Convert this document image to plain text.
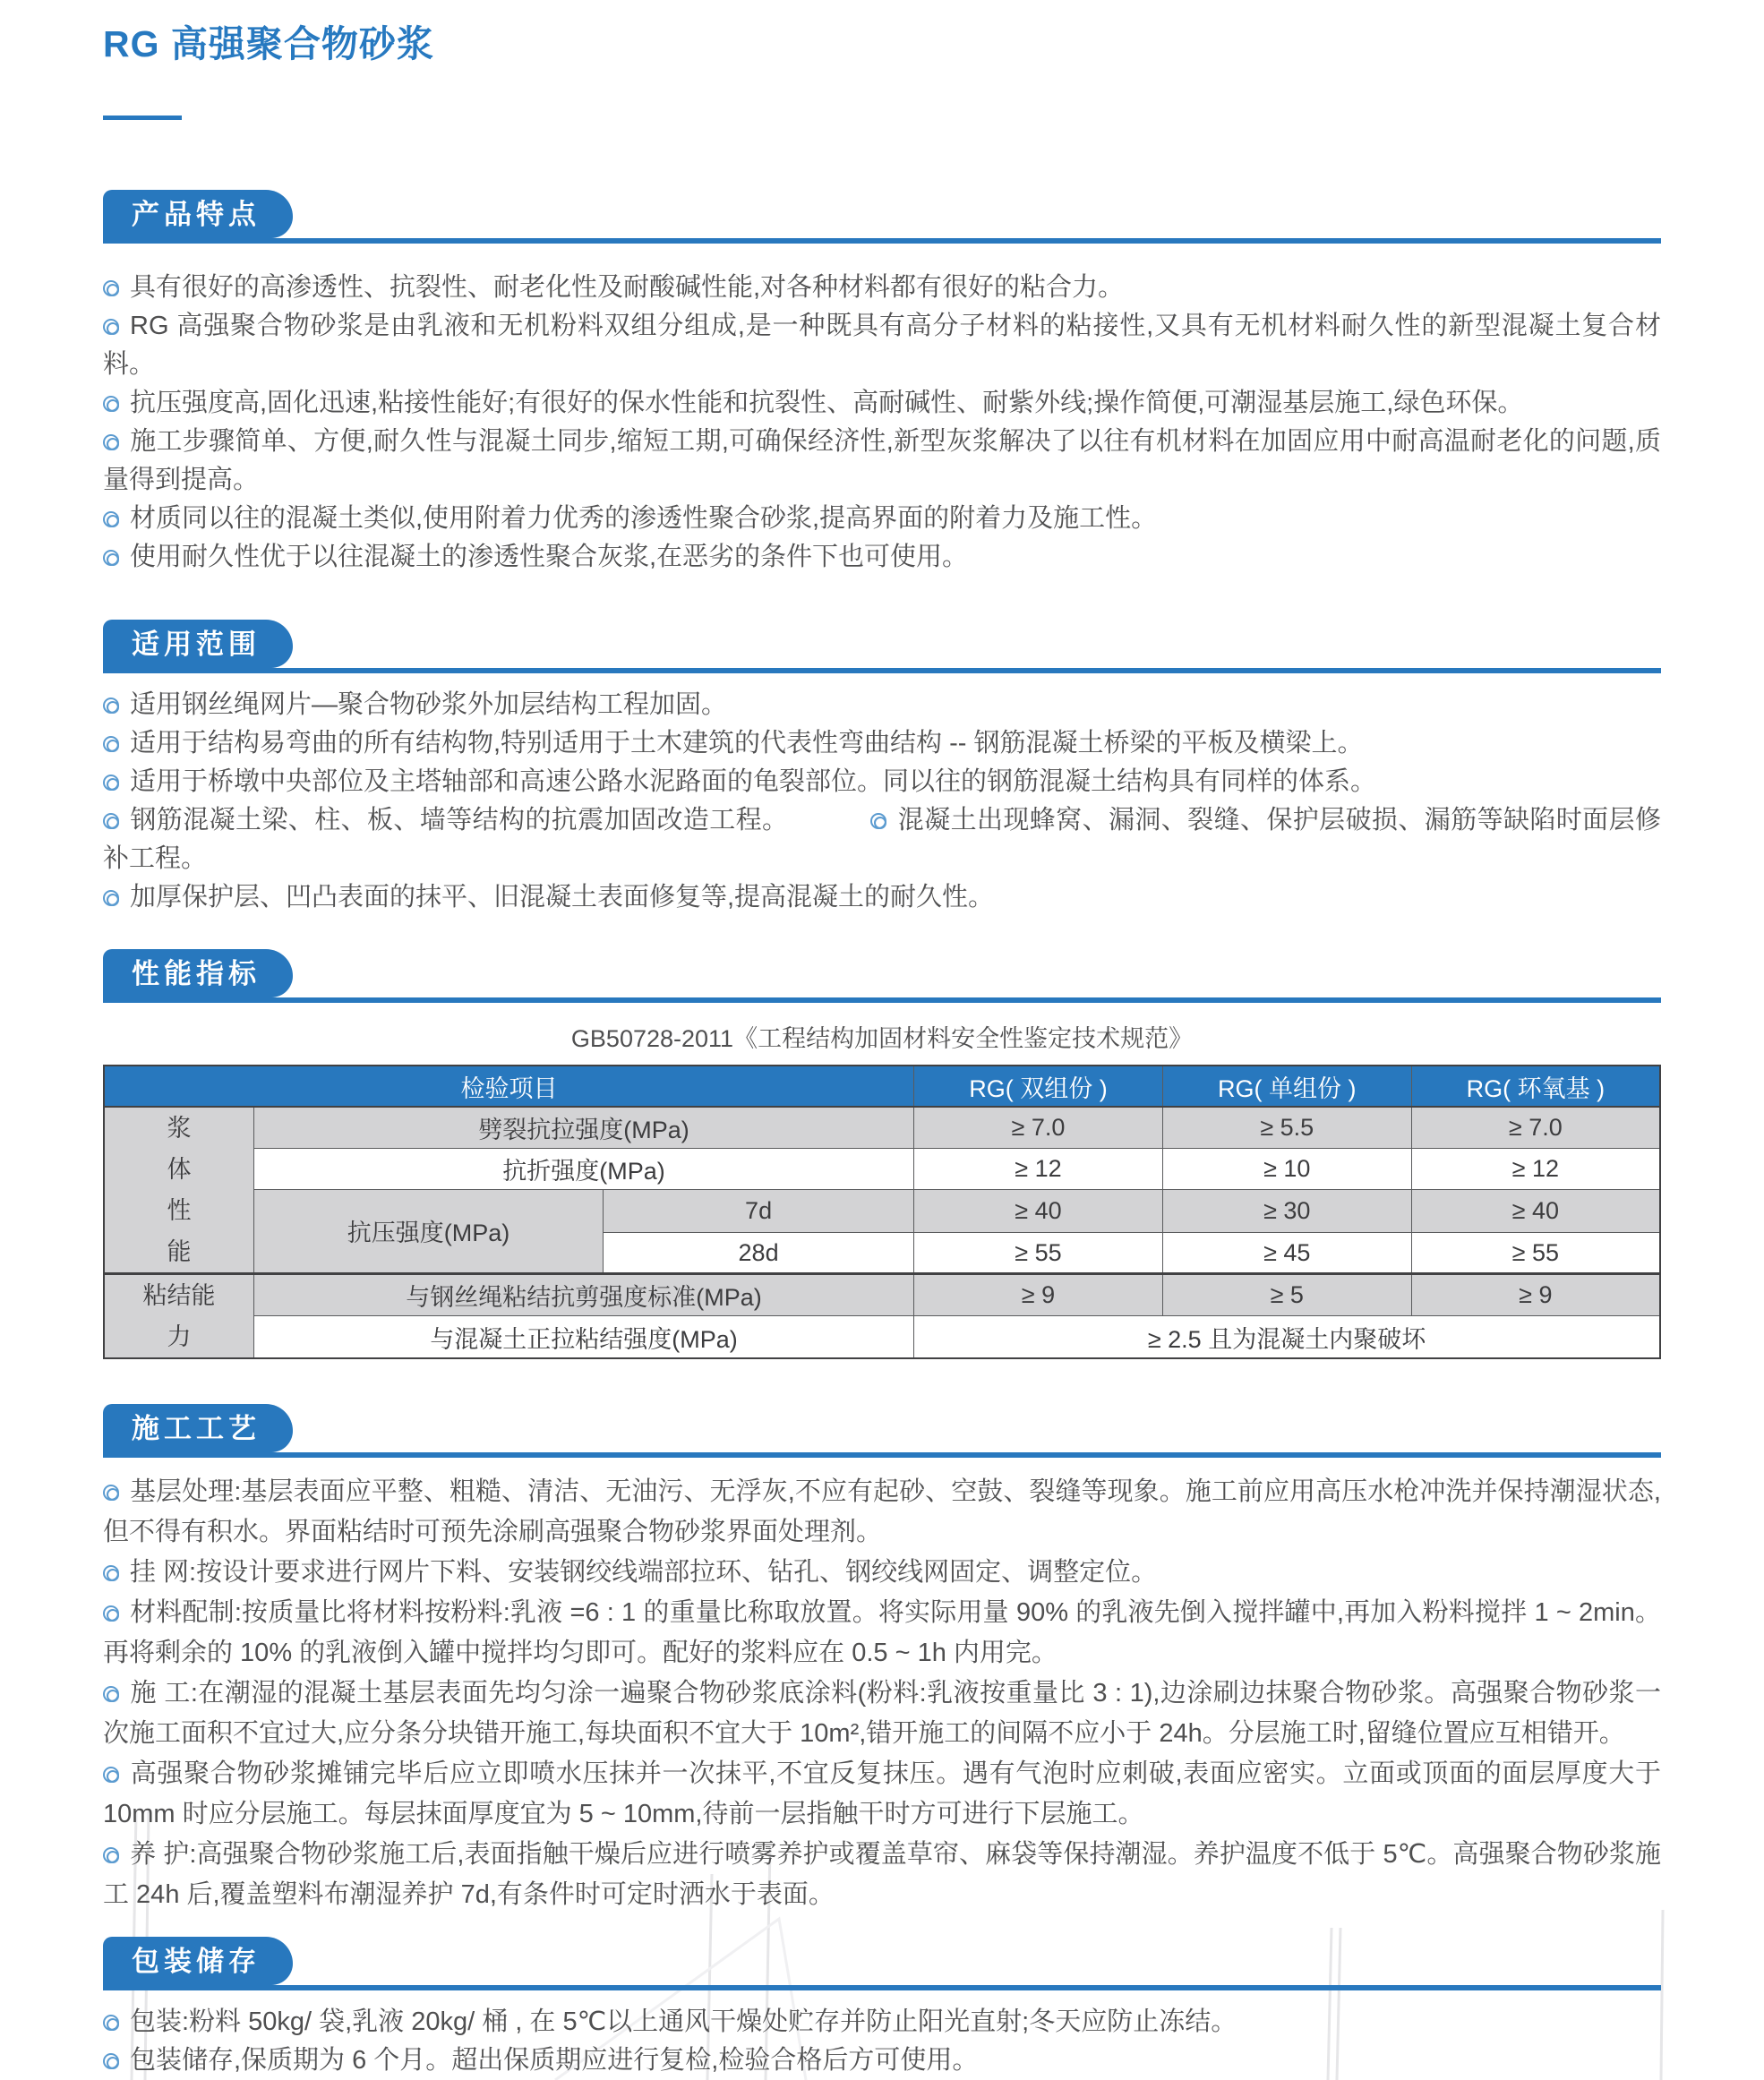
RG 高强聚合物砂浆
产品特点
具有很好的高渗透性、抗裂性、耐老化性及耐酸碱性能,对各种材料都有很好的粘合力。
RG 高强聚合物砂浆是由乳液和无机粉料双组分组成,是一种既具有高分子材料的粘接性,又具有无机材料耐久性的新型混凝土复合材料。
抗压强度高,固化迅速,粘接性能好;有很好的保水性能和抗裂性、高耐碱性、耐紫外线;操作简便,可潮湿基层施工,绿色环保。
施工步骤简单、方便,耐久性与混凝土同步,缩短工期,可确保经济性,新型灰浆解决了以往有机材料在加固应用中耐高温耐老化的问题,质量得到提高。
材质同以往的混凝土类似,使用附着力优秀的渗透性聚合砂浆,提高界面的附着力及施工性。
使用耐久性优于以往混凝土的渗透性聚合灰浆,在恶劣的条件下也可使用。
适用范围
适用钢丝绳网片—聚合物砂浆外加层结构工程加固。
适用于结构易弯曲的所有结构物,特别适用于土木建筑的代表性弯曲结构 -- 钢筋混凝土桥梁的平板及横梁上。
适用于桥墩中央部位及主塔轴部和高速公路水泥路面的龟裂部位。同以往的钢筋混凝土结构具有同样的体系。
钢筋混凝土梁、柱、板、墙等结构的抗震加固改造工程。	混凝土出现蜂窝、漏洞、裂缝、保护层破损、漏筋等缺陷时面层修补工程。
加厚保护层、凹凸表面的抹平、旧混凝土表面修复等,提高混凝土的耐久性。
性能指标
GB50728-2011《工程结构加固材料安全性鉴定技术规范》
检验项目			RG( 双组份 )	RG( 单组份 )	RG( 环氧基 )
浆体性能	劈裂抗拉强度(MPa)		≥ 7.0	≥ 5.5	≥ 7.0
	抗折强度(MPa)		≥ 12	≥ 10	≥ 12
	抗压强度(MPa)	7d	≥ 40	≥ 30	≥ 40
		28d	≥ 55	≥ 45	≥ 55
粘结能力	与钢丝绳粘结抗剪强度标准(MPa)		≥ 9	≥ 5	≥ 9
	与混凝土正拉粘结强度(MPa)		≥ 2.5 且为混凝土内聚破坏		
施工工艺
基层处理:基层表面应平整、粗糙、清洁、无油污、无浮灰,不应有起砂、空鼓、裂缝等现象。施工前应用高压水枪冲洗并保持潮湿状态,但不得有积水。界面粘结时可预先涂刷高强聚合物砂浆界面处理剂。
挂 网:按设计要求进行网片下料、安装钢绞线端部拉环、钻孔、钢绞线网固定、调整定位。
材料配制:按质量比将材料按粉料:乳液 =6 : 1 的重量比称取放置。将实际用量 90% 的乳液先倒入搅拌罐中,再加入粉料搅拌 1 ~ 2min。再将剩余的 10% 的乳液倒入罐中搅拌均匀即可。配好的浆料应在 0.5 ~ 1h 内用完。
施 工:在潮湿的混凝土基层表面先均匀涂一遍聚合物砂浆底涂料(粉料:乳液按重量比 3 : 1),边涂刷边抹聚合物砂浆。高强聚合物砂浆一次施工面积不宜过大,应分条分块错开施工,每块面积不宜大于 10m²,错开施工的间隔不应小于 24h。分层施工时,留缝位置应互相错开。
高强聚合物砂浆摊铺完毕后应立即喷水压抹并一次抹平,不宜反复抹压。遇有气泡时应刺破,表面应密实。立面或顶面的面层厚度大于 10mm 时应分层施工。每层抹面厚度宜为 5 ~ 10mm,待前一层指触干时方可进行下层施工。
养 护:高强聚合物砂浆施工后,表面指触干燥后应进行喷雾养护或覆盖草帘、麻袋等保持潮湿。养护温度不低于 5℃。高强聚合物砂浆施工 24h 后,覆盖塑料布潮湿养护 7d,有条件时可定时洒水于表面。
包装储存
包装:粉料 50kg/ 袋,乳液 20kg/ 桶 , 在 5℃以上通风干燥处贮存并防止阳光直射;冬天应防止冻结。
包装储存,保质期为 6 个月。超出保质期应进行复检,检验合格后方可使用。
